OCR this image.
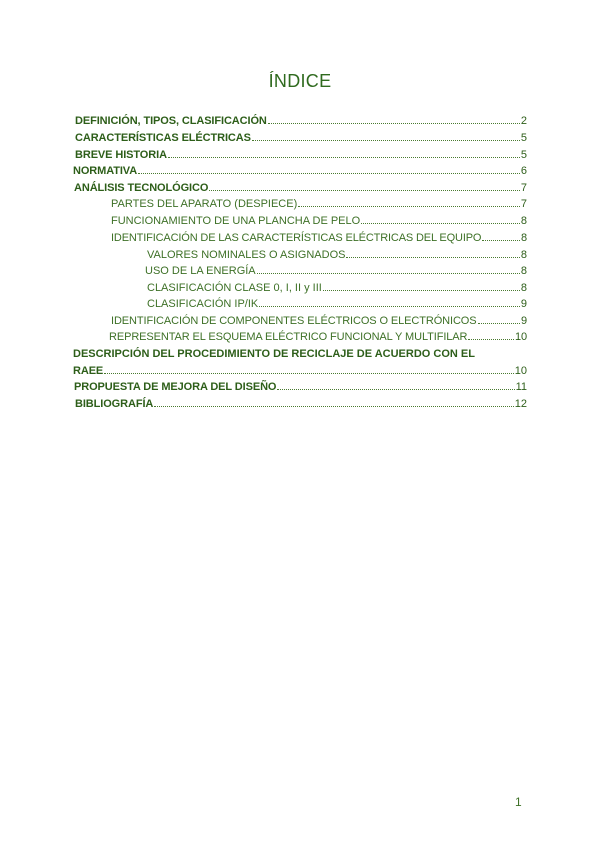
ÍNDICE
DEFINICIÓN, TIPOS, CLASIFICACIÓN	2
CARACTERÍSTICAS ELÉCTRICAS	5
BREVE HISTORIA	5
NORMATIVA	6
ANÁLISIS TECNOLÓGICO	7
PARTES DEL APARATO (DESPIECE)	7
FUNCIONAMIENTO DE UNA PLANCHA DE PELO	8
IDENTIFICACIÓN DE LAS CARACTERÍSTICAS ELÉCTRICAS DEL EQUIPO	8
VALORES NOMINALES O ASIGNADOS	8
USO DE LA ENERGÍA	8
CLASIFICACIÓN CLASE 0, I, II y III	8
CLASIFICACIÓN IP/IK	9
IDENTIFICACIÓN DE COMPONENTES ELÉCTRICOS O ELECTRÓNICOS	9
REPRESENTAR EL ESQUEMA ELÉCTRICO FUNCIONAL Y MULTIFILAR	10
DESCRIPCIÓN DEL PROCEDIMIENTO DE RECICLAJE DE ACUERDO CON EL
RAEE	10
PROPUESTA DE MEJORA DEL DISEÑO	11
BIBLIOGRAFÍA	12
1
